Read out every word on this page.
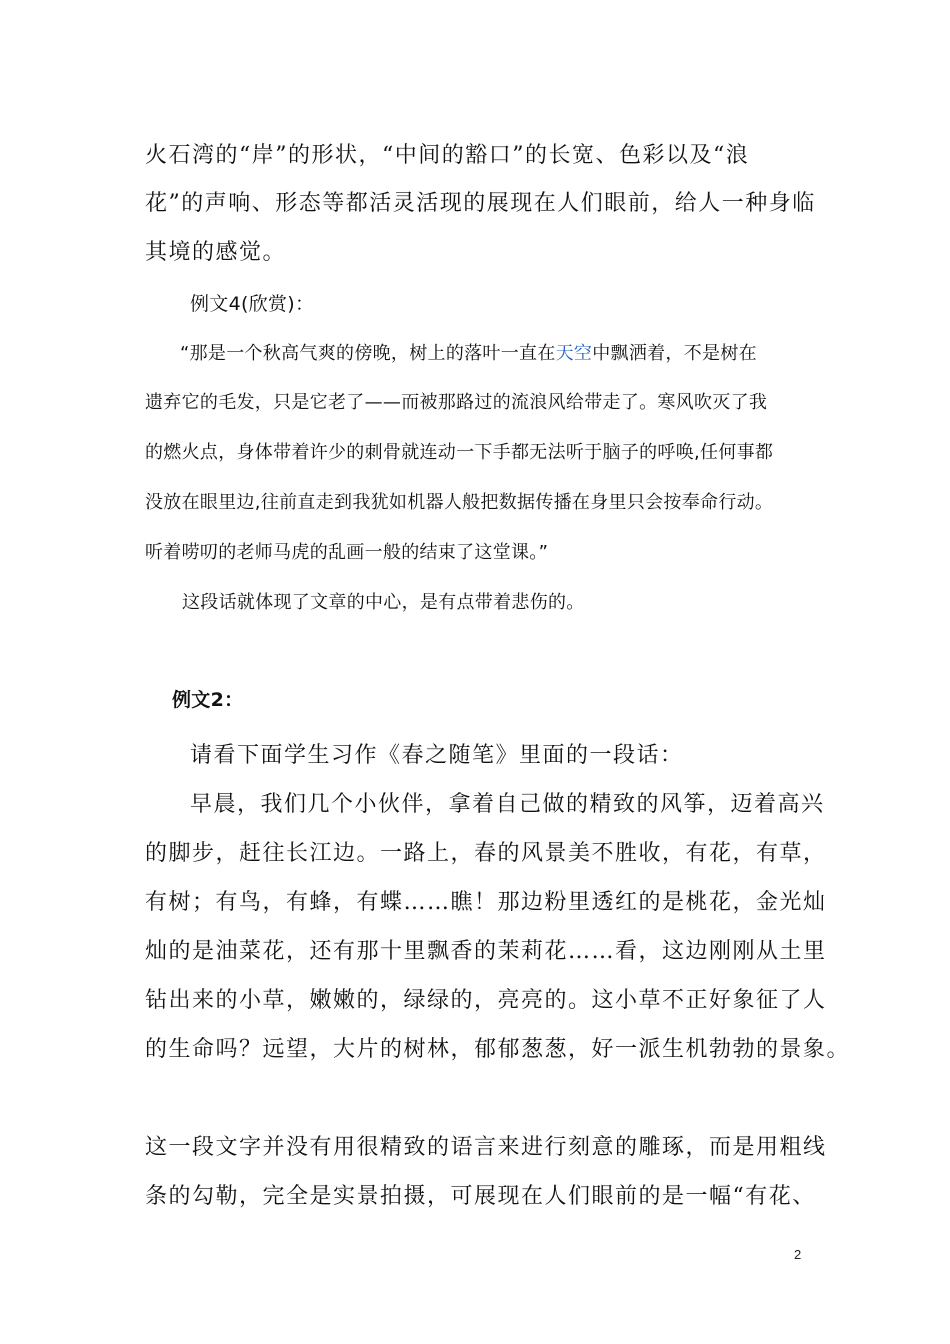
火石湾的“岸”的形状，“中间的豁口”的长宽、色彩以及“浪
花”的声响、形态等都活灵活现的展现在人们眼前，给人一种身临
其境的感觉。
例文4(欣赏)：
“那是一个秋高气爽的傍晚，树上的落叶一直在天空中飘洒着，不是树在
遗弃它的毛发，只是它老了——而被那路过的流浪风给带走了。寒风吹灭了我
的燃火点，身体带着许少的刺骨就连动一下手都无法听于脑子的呼唤,任何事都
没放在眼里边,往前直走到我犹如机器人般把数据传播在身里只会按奉命行动。
听着唠叨的老师马虎的乱画一般的结束了这堂课。”
这段话就体现了文章的中心，是有点带着悲伤的。
例文2：
请看下面学生习作《春之随笔》里面的一段话：
早晨，我们几个小伙伴，拿着自己做的精致的风筝，迈着高兴
的脚步，赶往长江边。一路上，春的风景美不胜收，有花，有草，
有树；有鸟，有蜂，有蝶……瞧！那边粉里透红的是桃花，金光灿
灿的是油菜花，还有那十里飘香的茉莉花……看，这边刚刚从土里
钻出来的小草，嫩嫩的，绿绿的，亮亮的。这小草不正好象征了人
的生命吗？远望，大片的树林，郁郁葱葱，好一派生机勃勃的景象。
这一段文字并没有用很精致的语言来进行刻意的雕琢，而是用粗线
条的勾勒，完全是实景拍摄，可展现在人们眼前的是一幅“有花、
2
